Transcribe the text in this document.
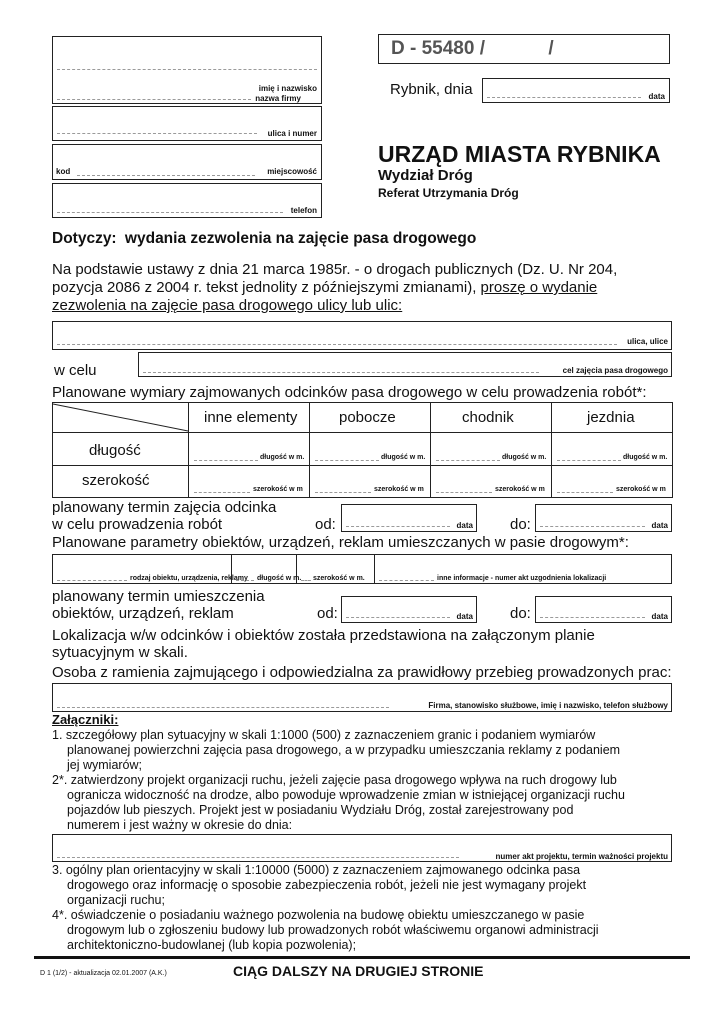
imię i nazwisko
nazwa firmy
ulica i numer
kod	miejscowość
telefon
D - 55480 /            /
Rybnik, dnia	data
URZĄD MIASTA RYBNIKA
Wydział Dróg
Referat Utrzymania Dróg
Dotyczy: wydania zezwolenia na zajęcie pasa drogowego
Na podstawie ustawy z dnia 21 marca 1985r. - o drogach publicznych (Dz. U. Nr 204,
pozycja 2086 z 2004 r. tekst jednolity z późniejszymi zmianami), proszę o wydanie
zezwolenia na zajęcie pasa drogowego ulicy lub ulic:
ulica, ulice
w celu	cel zajęcia pasa drogowego
Planowane wymiary zajmowanych odcinków pasa drogowego w celu prowadzenia robót*:
inne elementy	pobocze	chodnik	jezdnia
długość
szerokość
długość w m.	długość w m.	długość w m.	długość w m.
szerokość w m	szerokość w m	szerokość w m	szerokość w m
planowany termin zajęcia odcinka
w celu prowadzenia robót	od:	data do:	data
Planowane parametry obiektów, urządzeń, reklam umieszczanych w pasie drogowym*:
rodzaj obiektu, urządzenia, reklamy długość w m. szerokość w m.	inne informacje - numer akt uzgodnienia lokalizacji
planowany termin umieszczenia
obiektów, urządzeń, reklam	od:	data do:	data
Lokalizacja w/w odcinków i obiektów została przedstawiona na załączonym planie
sytuacyjnym w skali.
Osoba z ramienia zajmującego i odpowiedzialna za prawidłowy przebieg prowadzonych prac:
Firma, stanowisko służbowe, imię i nazwisko, telefon służbowy
Załączniki:
1. szczegółowy plan sytuacyjny w skali 1:1000 (500) z zaznaczeniem granic i podaniem wymiarów
planowanej powierzchni zajęcia pasa drogowego, a w przypadku umieszczania reklamy z podaniem
jej wymiarów;
2*. zatwierdzony projekt organizacji ruchu, jeżeli zajęcie pasa drogowego wpływa na ruch drogowy lub
ogranicza widoczność na drodze, albo powoduje wprowadzenie zmian w istniejącej organizacji ruchu
pojazdów lub pieszych. Projekt jest w posiadaniu Wydziału Dróg, został zarejestrowany pod
numerem i jest ważny w okresie do dnia:
numer akt projektu, termin ważności projektu
3. ogólny plan orientacyjny w skali 1:10000 (5000) z zaznaczeniem zajmowanego odcinka pasa
drogowego oraz informację o sposobie zabezpieczenia robót, jeżeli nie jest wymagany projekt
organizacji ruchu;
4*. oświadczenie o posiadaniu ważnego pozwolenia na budowę obiektu umieszczanego w pasie
drogowym lub o zgłoszeniu budowy lub prowadzonych robót właściwemu organowi administracji
architektoniczno-budowlanej (lub kopia pozwolenia);
D 1 (1/2) - aktualizacja 02.01.2007 (A.K.)	CIĄG DALSZY NA DRUGIEJ STRONIE
